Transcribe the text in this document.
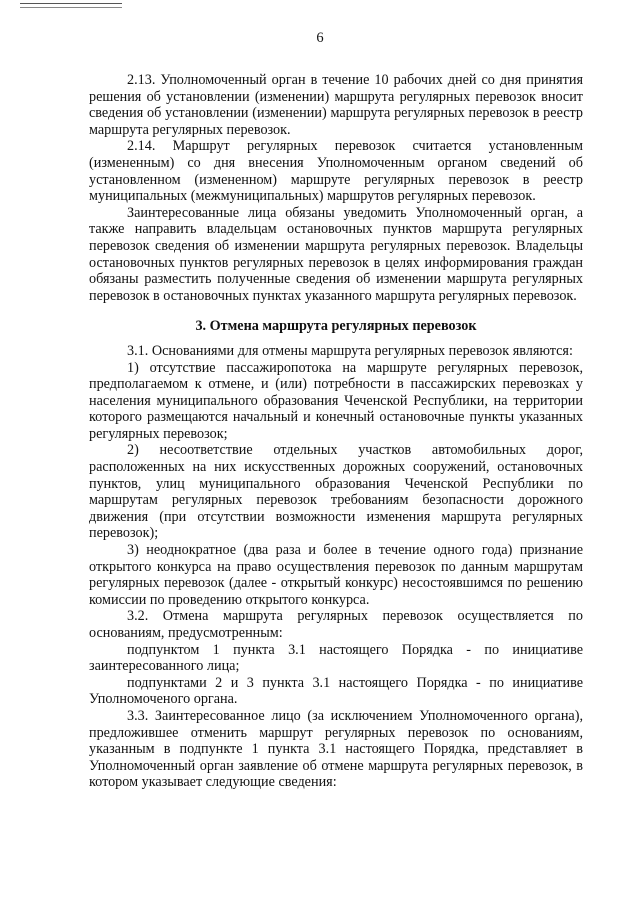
6

2.13. Уполномоченный орган в течение 10 рабочих дней со дня принятия решения об установлении (изменении) маршрута регулярных перевозок вносит сведения об установлении (изменении) маршрута регулярных перевозок в реестр маршрута регулярных перевозок.

2.14. Маршрут регулярных перевозок считается установленным (измененным) со дня внесения Уполномоченным органом сведений об установленном (измененном) маршруте регулярных перевозок в реестр муниципальных (межмуниципальных) маршрутов регулярных перевозок.

Заинтересованные лица обязаны уведомить Уполномоченный орган, а также направить владельцам остановочных пунктов маршрута регулярных перевозок сведения об изменении маршрута регулярных перевозок. Владельцы остановочных пунктов регулярных перевозок в целях информирования граждан обязаны разместить полученные сведения об изменении маршрута регулярных перевозок в остановочных пунктах указанного маршрута регулярных перевозок.

3. Отмена маршрута регулярных перевозок

3.1. Основаниями для отмены маршрута регулярных перевозок являются:

1) отсутствие пассажиропотока на маршруте регулярных перевозок, предполагаемом к отмене, и (или) потребности в пассажирских перевозках у населения муниципального образования Чеченской Республики, на территории которого размещаются начальный и конечный остановочные пункты указанных регулярных перевозок;

2) несоответствие отдельных участков автомобильных дорог, расположенных на них искусственных дорожных сооружений, остановочных пунктов, улиц муниципального образования Чеченской Республики по маршрутам регулярных перевозок требованиям безопасности дорожного движения (при отсутствии возможности изменения маршрута регулярных перевозок);

3) неоднократное (два раза и более в течение одного года) признание открытого конкурса на право осуществления перевозок по данным маршрутам регулярных перевозок (далее - открытый конкурс) несостоявшимся по решению комиссии по проведению открытого конкурса.

3.2. Отмена маршрута регулярных перевозок осуществляется по основаниям, предусмотренным:

подпунктом 1 пункта 3.1 настоящего Порядка - по инициативе заинтересованного лица;

подпунктами 2 и 3 пункта 3.1 настоящего Порядка - по инициативе Уполномоченого органа.

3.3. Заинтересованное лицо (за исключением Уполномоченного органа), предложившее отменить маршрут регулярных перевозок по основаниям, указанным в подпункте 1 пункта 3.1 настоящего Порядка, представляет в Уполномоченный орган заявление об отмене маршрута регулярных перевозок, в котором указывает следующие сведения:
